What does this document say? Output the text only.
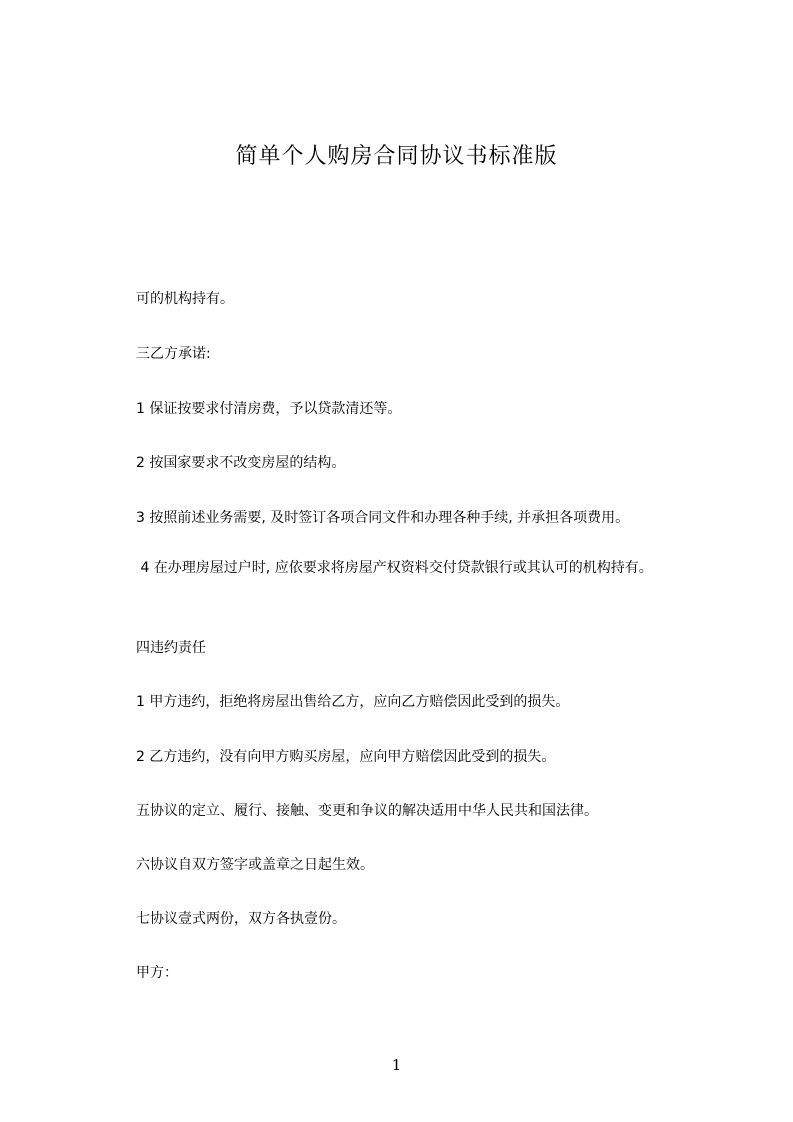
简单个人购房合同协议书标准版
可的机构持有。
三乙方承诺:
1 保证按要求付清房费，予以贷款清还等。
2 按国家要求不改变房屋的结构。
3 按照前述业务需要, 及时签订各项合同文件和办理各种手续, 并承担各项费用。
4 在办理房屋过户时, 应依要求将房屋产权资料交付贷款银行或其认可的机构持有。
四违约责任
1 甲方违约，拒绝将房屋出售给乙方，应向乙方赔偿因此受到的损失。
2 乙方违约，没有向甲方购买房屋，应向甲方赔偿因此受到的损失。
五协议的定立、履行、接触、变更和争议的解决适用中华人民共和国法律。
六协议自双方签字或盖章之日起生效。
七协议壹式两份，双方各执壹份。
甲方：
1
